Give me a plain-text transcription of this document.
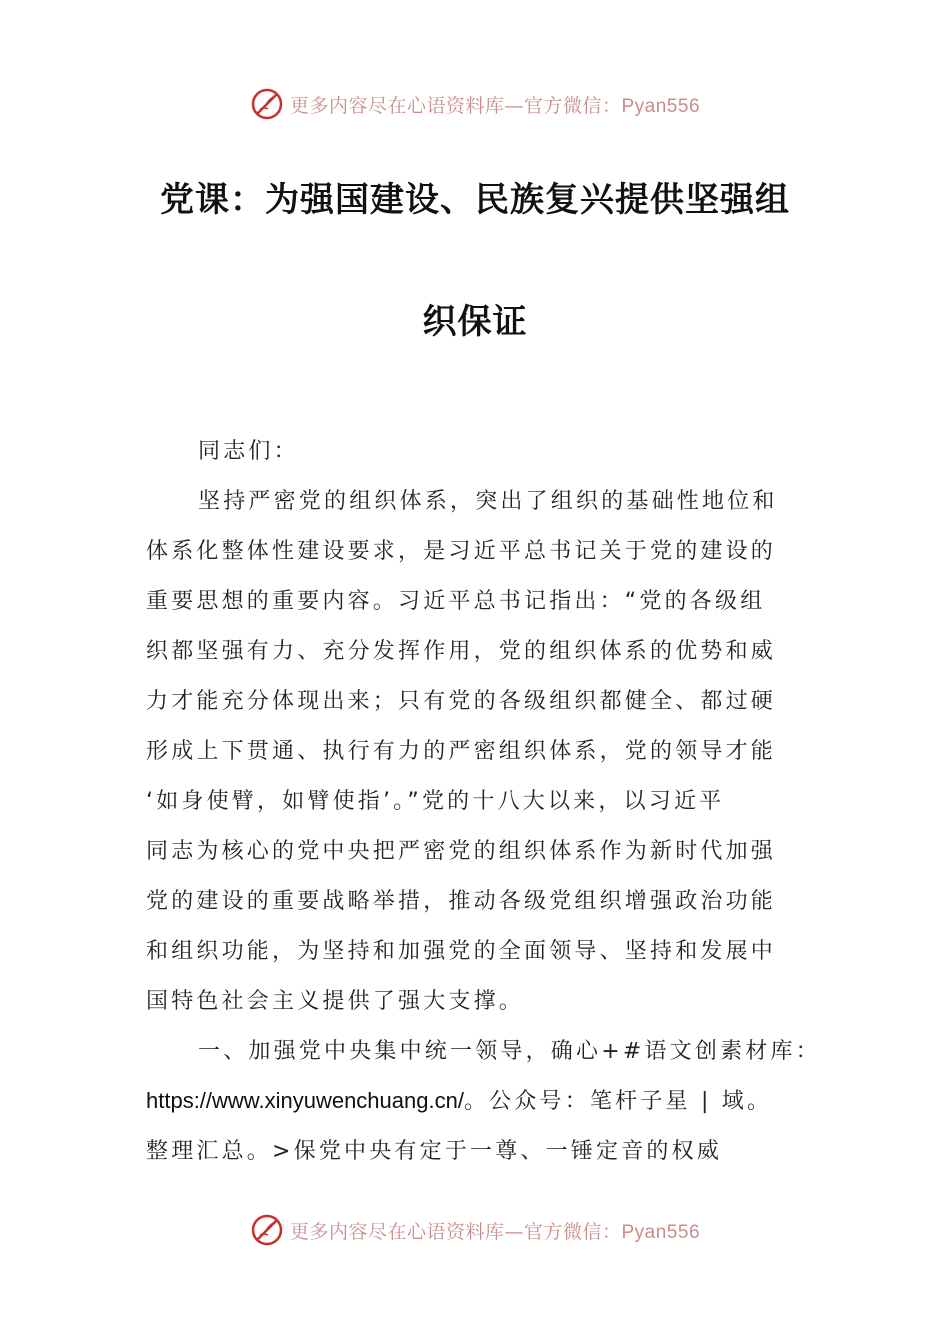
更多内容尽在心语资料库—官方微信：Pyan556
党课：为强国建设、民族复兴提供坚强组
织保证
同志们：
坚持严密党的组织体系，突出了组织的基础性地位和
体系化整体性建设要求，是习近平总书记关于党的建设的
重要思想的重要内容。习近平总书记指出：“党的各级组
织都坚强有力、充分发挥作用，党的组织体系的优势和威
力才能充分体现出来；只有党的各级组织都健全、都过硬
形成上下贯通、执行有力的严密组织体系，党的领导才能
‘如身使臂，如臂使指’。”党的十八大以来，以习近平
同志为核心的党中央把严密党的组织体系作为新时代加强
党的建设的重要战略举措，推动各级党组织增强政治功能
和组织功能，为坚持和加强党的全面领导、坚持和发展中
国特色社会主义提供了强大支撑。
一、加强党中央集中统一领导，确心+#语文创素材库：
https://www.xinyuwenchuang.cn/。公众号：笔杆子星 | 域。
整理汇总。>保党中央有定于一尊、一锤定音的权威
更多内容尽在心语资料库—官方微信：Pyan556
